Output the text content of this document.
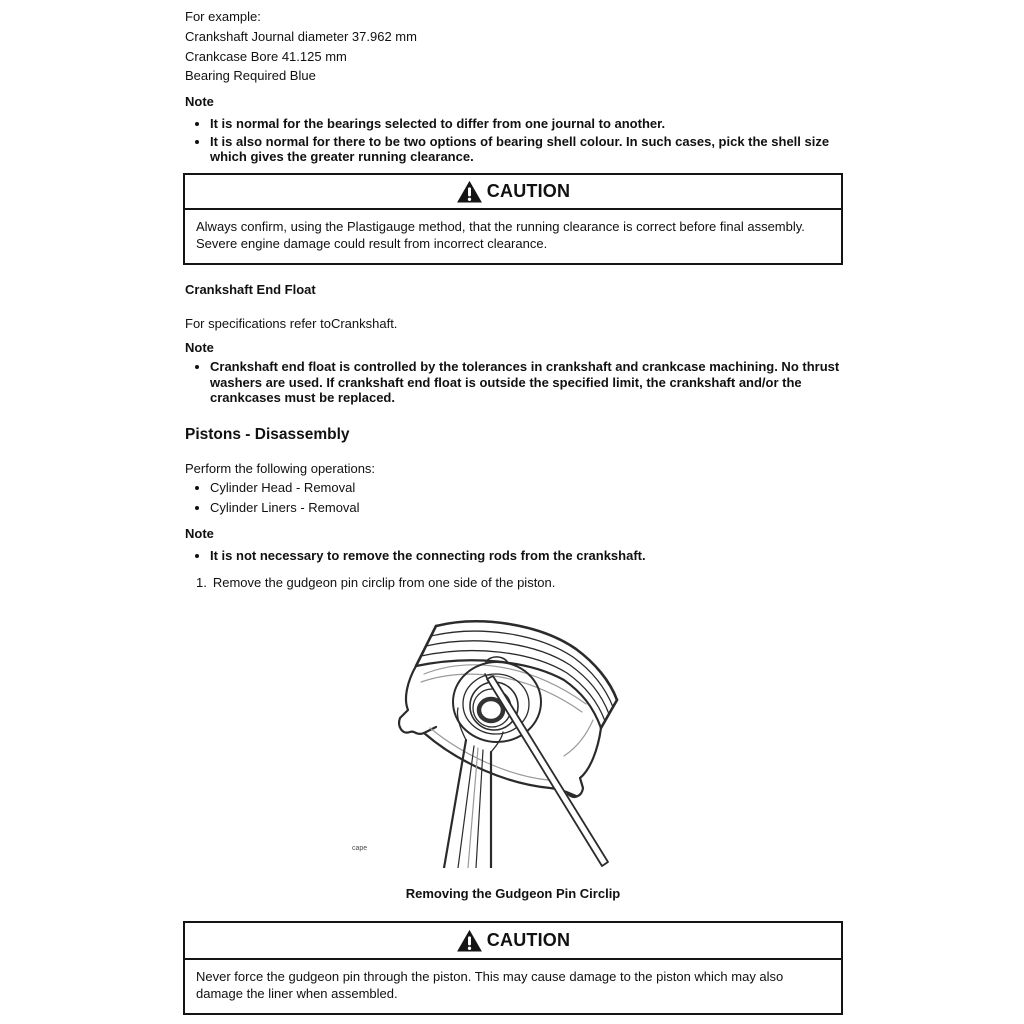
For example:
Crankshaft Journal diameter 37.962 mm
Crankcase Bore 41.125 mm
Bearing Required Blue
Note
• It is normal for the bearings selected to differ from one journal to another.
• It is also normal for there to be two options of bearing shell colour. In such cases, pick the shell size which gives the greater running clearance.
CAUTION
Always confirm, using the Plastigauge method, that the running clearance is correct before final assembly. Severe engine damage could result from incorrect clearance.
Crankshaft End Float
For specifications refer toCrankshaft.
Note
• Crankshaft end float is controlled by the tolerances in crankshaft and crankcase machining. No thrust washers are used. If crankshaft end float is outside the specified limit, the crankshaft and/or the crankcases must be replaced.
Pistons - Disassembly
Perform the following operations:
• Cylinder Head - Removal
• Cylinder Liners - Removal
Note
• It is not necessary to remove the connecting rods from the crankshaft.
1. Remove the gudgeon pin circlip from one side of the piston.
cape
Removing the Gudgeon Pin Circlip
CAUTION
Never force the gudgeon pin through the piston. This may cause damage to the piston which may also damage the liner when assembled.
